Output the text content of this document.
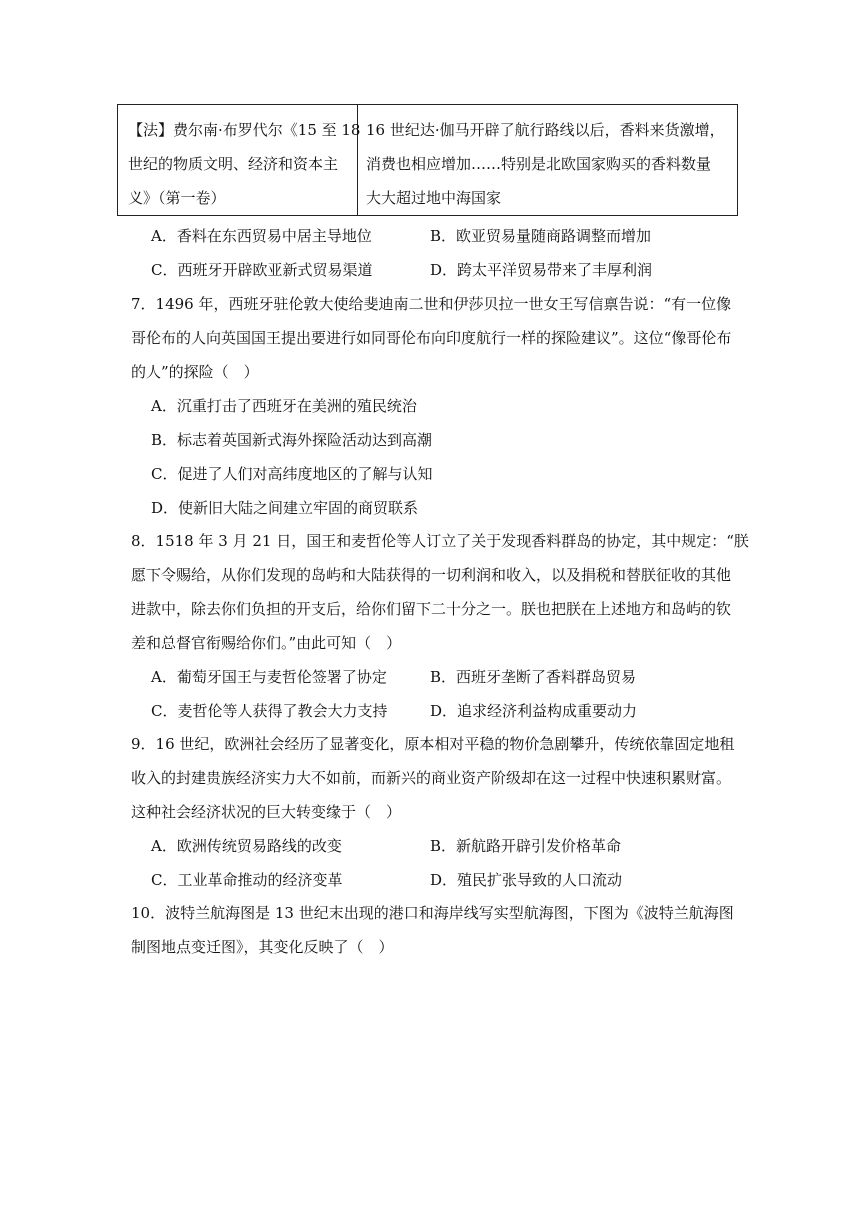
【法】费尔南·布罗代尔《15 至 18
世纪的物质文明、经济和资本主
义》（第一卷）

16 世纪达·伽马开辟了航行路线以后，香料来货激增，
消费也相应增加……特别是北欧国家购买的香料数量
大大超过地中海国家
A．香料在东西贸易中居主导地位	B．欧亚贸易量随商路调整而增加
C．西班牙开辟欧亚新式贸易渠道	D．跨太平洋贸易带来了丰厚利润
7．1496 年，西班牙驻伦敦大使给斐迪南二世和伊莎贝拉一世女王写信禀告说：“有一位像
哥伦布的人向英国国王提出要进行如同哥伦布向印度航行一样的探险建议”。这位“像哥伦布
的人”的探险（　）
A．沉重打击了西班牙在美洲的殖民统治
B．标志着英国新式海外探险活动达到高潮
C．促进了人们对高纬度地区的了解与认知
D．使新旧大陆之间建立牢固的商贸联系
8．1518 年 3 月 21 日，国王和麦哲伦等人订立了关于发现香料群岛的协定，其中规定：“朕
愿下令赐给，从你们发现的岛屿和大陆获得的一切利润和收入，以及捐税和替朕征收的其他
进款中，除去你们负担的开支后，给你们留下二十分之一。朕也把朕在上述地方和岛屿的钦
差和总督官衔赐给你们。”由此可知（　）
A．葡萄牙国王与麦哲伦签署了协定	B．西班牙垄断了香料群岛贸易
C．麦哲伦等人获得了教会大力支持	D．追求经济利益构成重要动力
9．16 世纪，欧洲社会经历了显著变化，原本相对平稳的物价急剧攀升，传统依靠固定地租
收入的封建贵族经济实力大不如前，而新兴的商业资产阶级却在这一过程中快速积累财富。
这种社会经济状况的巨大转变缘于（　）
A．欧洲传统贸易路线的改变	B．新航路开辟引发价格革命
C．工业革命推动的经济变革	D．殖民扩张导致的人口流动
10．波特兰航海图是 13 世纪末出现的港口和海岸线写实型航海图，下图为《波特兰航海图
制图地点变迁图》，其变化反映了（　）
